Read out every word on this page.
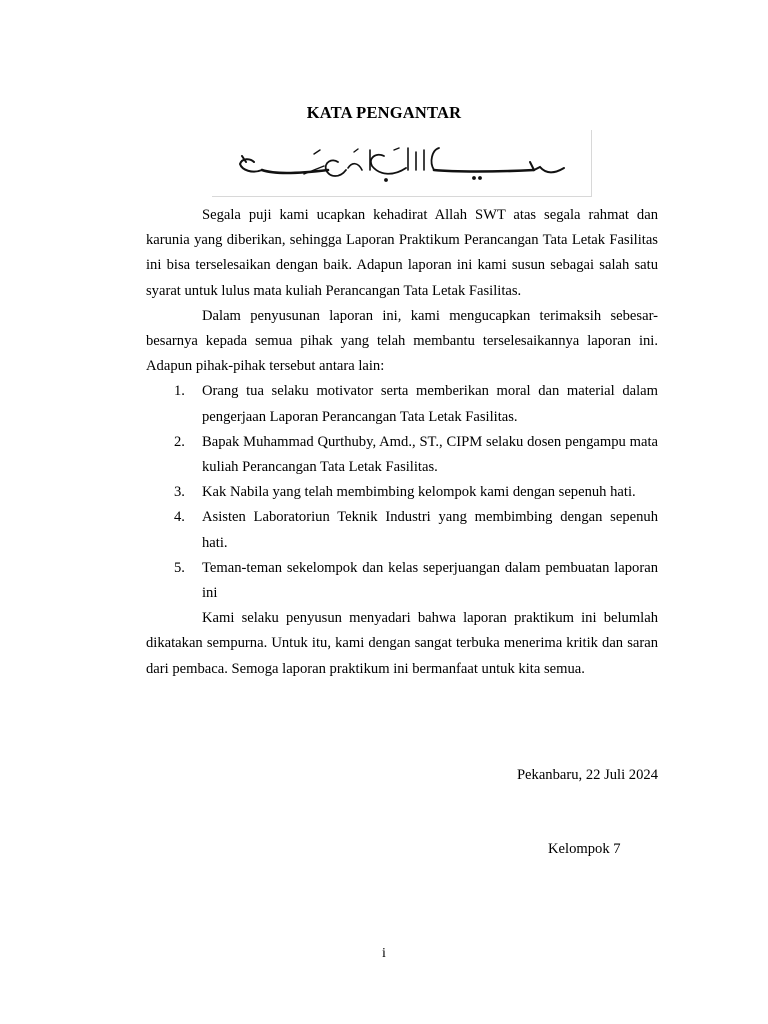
KATA PENGANTAR

Segala puji kami ucapkan kehadirat Allah SWT atas segala rahmat dan karunia yang diberikan, sehingga Laporan Praktikum Perancangan Tata Letak Fasilitas ini bisa terselesaikan dengan baik. Adapun laporan ini kami susun sebagai salah satu syarat untuk lulus mata kuliah Perancangan Tata Letak Fasilitas.

Dalam penyusunan laporan ini, kami mengucapkan terimaksih sebesar-besarnya kepada semua pihak yang telah membantu terselesaikannya laporan ini. Adapun pihak-pihak tersebut antara lain:

1. Orang tua selaku motivator serta memberikan moral dan material dalam pengerjaan Laporan Perancangan Tata Letak Fasilitas.
2. Bapak Muhammad Qurthuby, Amd., ST., CIPM selaku dosen pengampu mata kuliah Perancangan Tata Letak Fasilitas.
3. Kak Nabila yang telah membimbing kelompok kami dengan sepenuh hati.
4. Asisten Laboratoriun Teknik Industri yang membimbing dengan sepenuh hati.
5. Teman-teman sekelompok dan kelas seperjuangan dalam pembuatan laporan ini

Kami selaku penyusun menyadari bahwa laporan praktikum ini belumlah dikatakan sempurna. Untuk itu, kami dengan sangat terbuka menerima kritik dan saran dari pembaca. Semoga laporan praktikum ini bermanfaat untuk kita semua.

Pekanbaru, 22 Juli 2024
Kelompok 7
i
